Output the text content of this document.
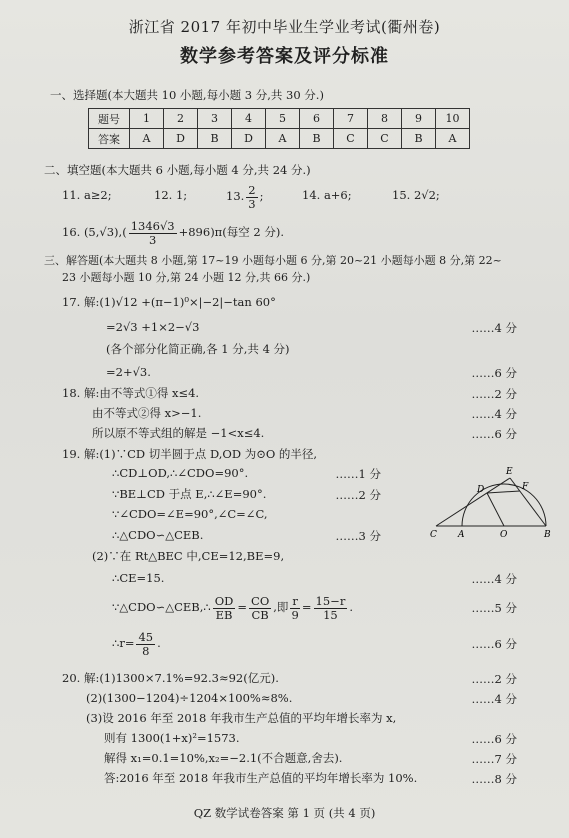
浙江省 2017 年初中毕业生学业考试(衢州卷)
数学参考答案及评分标准
一、选择题(本大题共 10 小题,每小题 3 分,共 30 分.)
题号	1	2	3	4	5	6	7	8	9	10
答案	A	D	B	D	A	B	C	C	B	A
二、填空题(本大题共 6 小题,每小题 4 分,共 24 分.)
11. a≥2;	12. 1;	13. $\frac{2}{3}$ ;	14. a+6;	15. 2√2;
16. $(5,√3),( \frac{1346√3}{3} +896)\pi$(每空 2 分).
三、解答题(本大题共 8 小题,第 17~19 小题每小题 6 分,第 20~21 小题每小题 8 分,第 22~
23 小题每小题 10 分,第 24 小题 12 分,共 66 分.)
17. 解:(1)√12 +(π−1)⁰×|−2|−tan 60°
=2√3 +1×2−√3	……4 分
(各个部分化简正确,各 1 分,共 4 分)
=2+√3.	……6 分
18. 解:由不等式①得 x≤4.	……2 分
由不等式②得 x>−1.	……4 分
所以原不等式组的解是 −1<x≤4.	……6 分
19. 解:(1)∵CD 切半圆于点 D,OD 为⊙O 的半径,
∴CD⊥OD,∴∠CDO=90°.	……1 分
∵BE⊥CD 于点 E,∴∠E=90°.	……2 分
∵∠CDO=∠E=90°,∠C=∠C,
∴△CDO∽△CEB.	……3 分	C A	O	B
D
E
F
(2)∵在 Rt△BEC 中,CE=12,BE=9,
∴CE=15.	……4 分
∵△CDO∽△CEB,∴ $\frac{OD}{EB} = \frac{CO}{CB}$ ,即 $\frac{r}{9} = \frac{15-r}{15}$ .	……5 分
∴r= $\frac{45}{8}$ .	……6 分
20. 解:(1)1300×7.1%=92.3≈92(亿元).	……2 分
(2)(1300−1204)÷1204×100%≈8%.	……4 分
(3)设 2016 年至 2018 年我市生产总值的平均年增长率为 x,
则有 1300(1+x)²=1573.	……6 分
解得 x₁=0.1=10%,x₂=−2.1(不合题意,舍去).	……7 分
答:2016 年至 2018 年我市生产总值的平均年增长率为 10%.	……8 分
QZ 数学试卷答案 第 1 页 (共 4 页)
